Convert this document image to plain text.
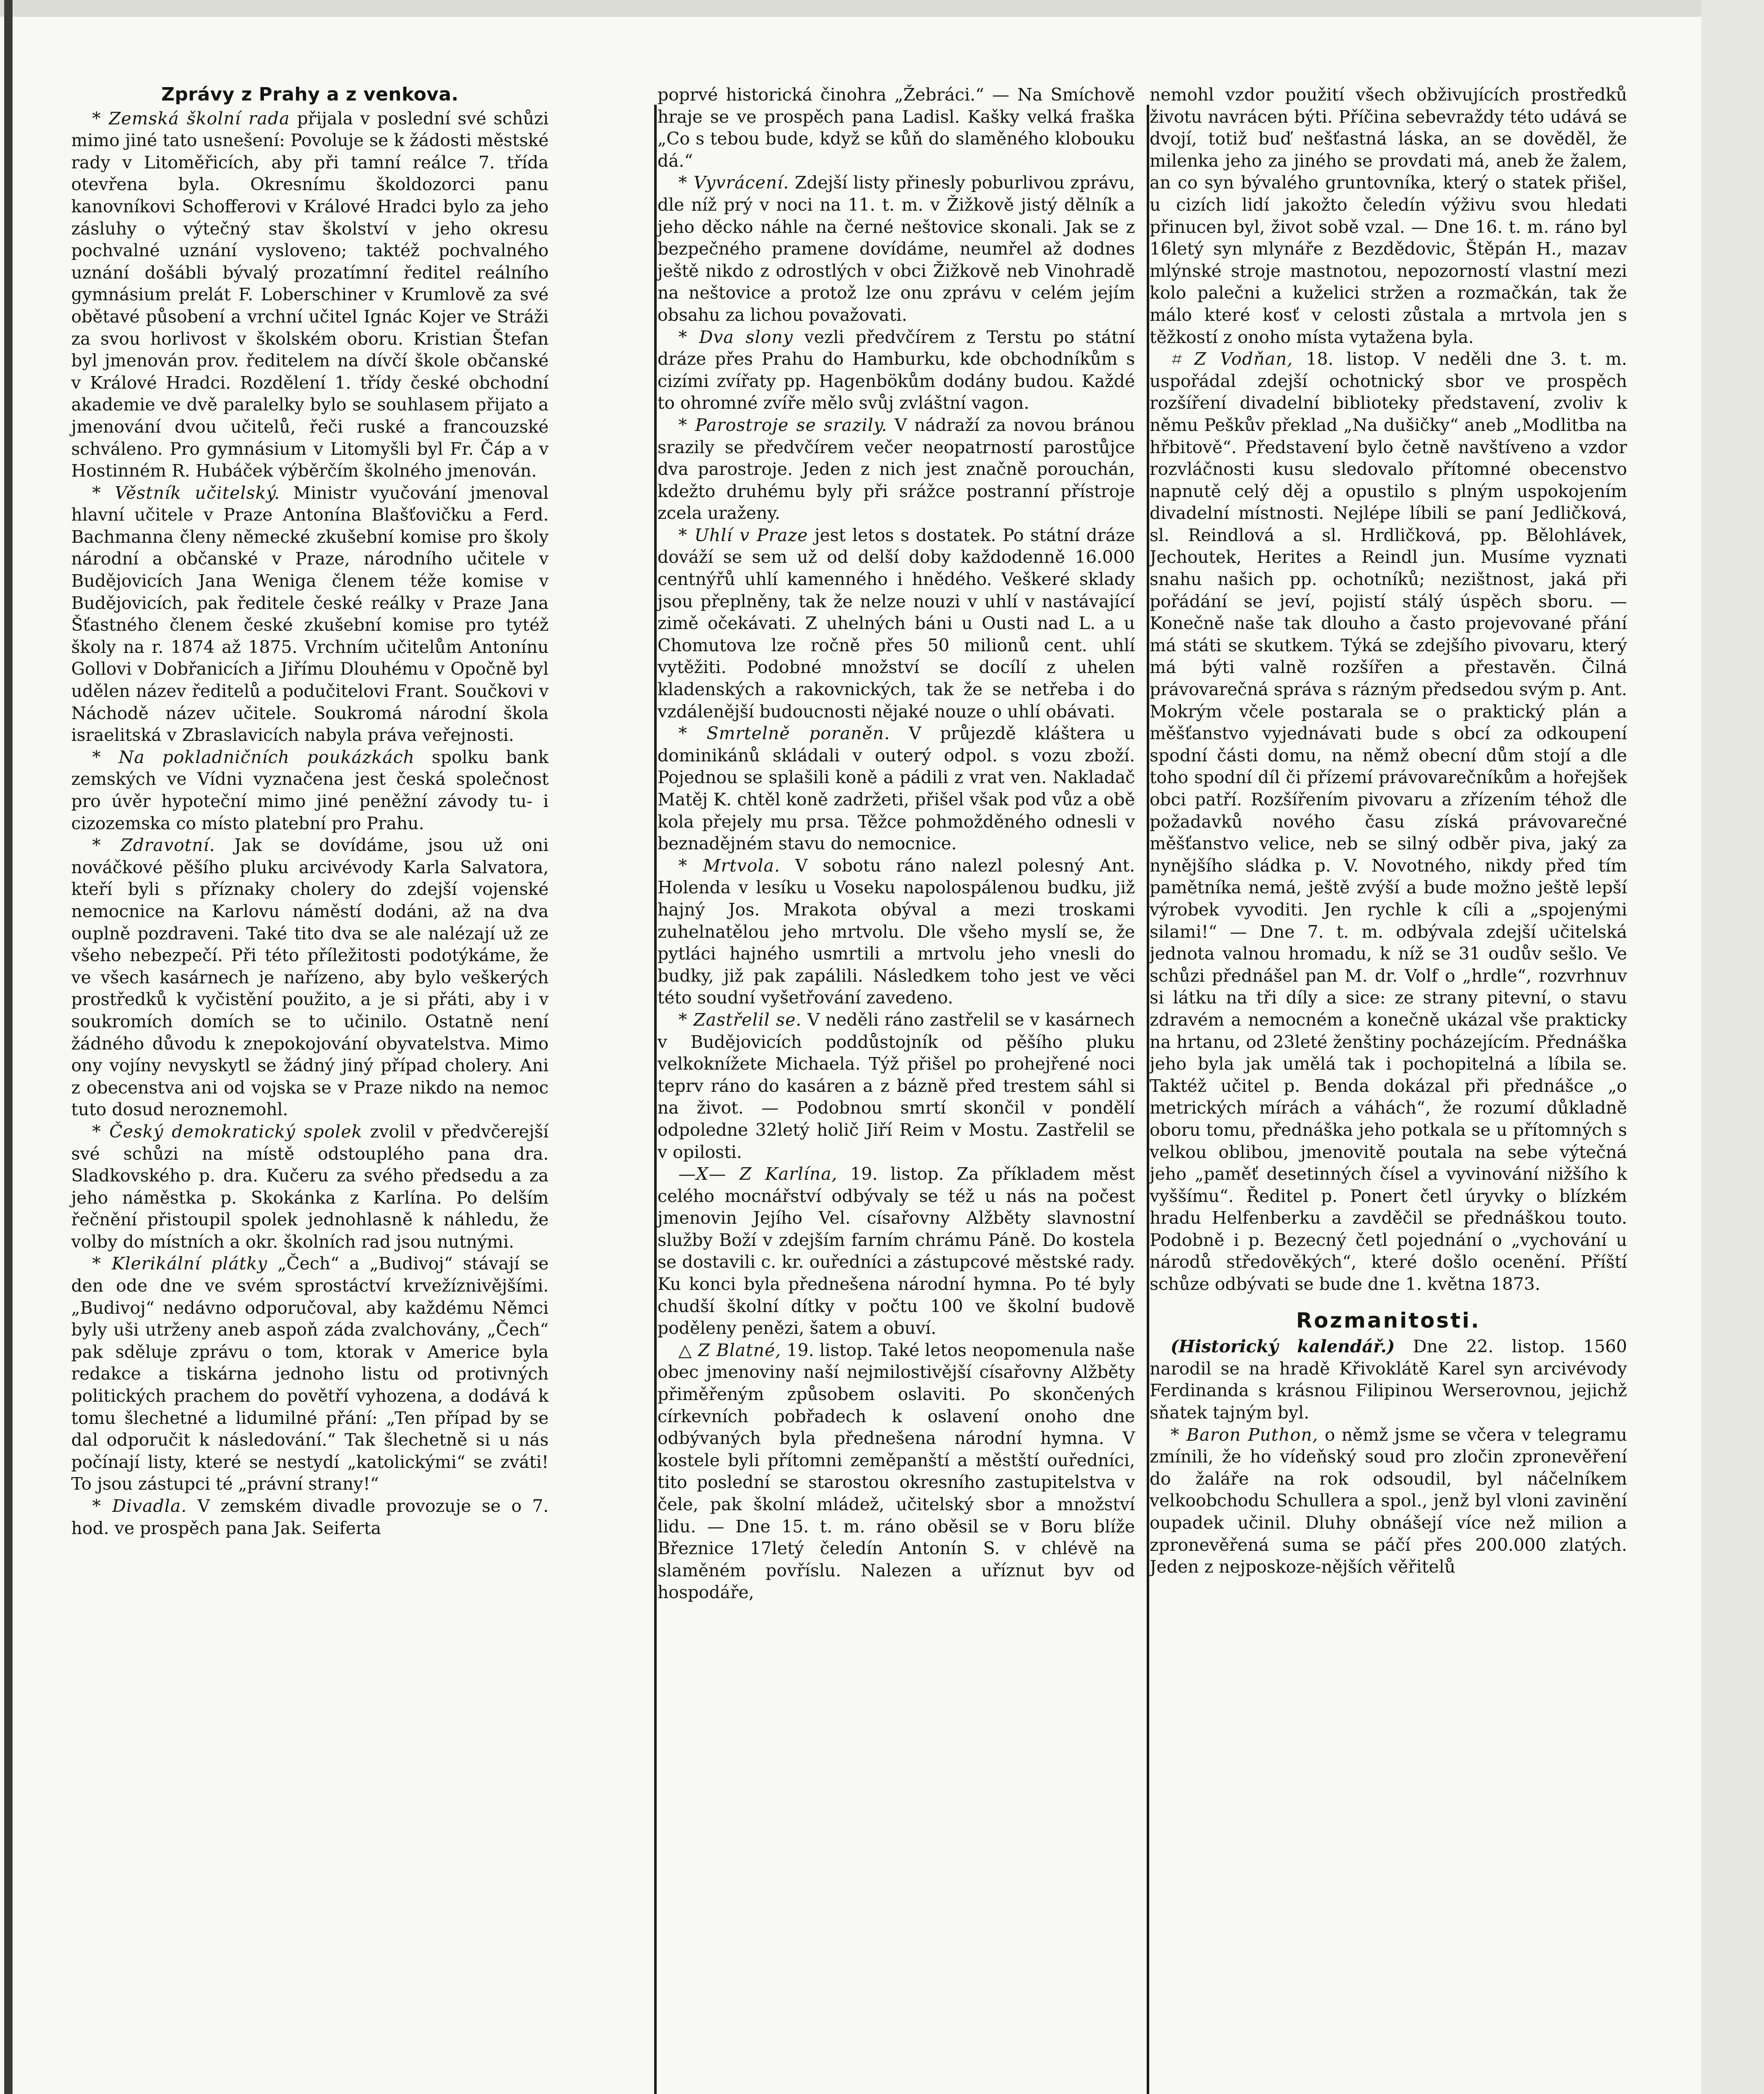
Zprávy z Prahy a z venkova.

* Zemská školní rada přijala v poslední své schůzi mimo jiné tato usnešení: Povoluje se k žádosti městské rady v Litoměřicích, aby při tamní reálce 7. třída otevřena byla. Okresnímu školdozorci panu kanovníkovi Schofferovi v Králové Hradci bylo za jeho zásluhy o výtečný stav školství v jeho okresu pochvalné uznání vysloveno; taktéž pochvalného uznání došábli bývalý prozatímní ředitel reálního gymnásium prelát F. Loberschiner v Krumlově za své obětavé působení a vrchní učitel Ignác Kojer ve Stráži za svou horlivost v školském oboru. Kristian Štefan byl jmenován prov. ředitelem na dívčí škole občanské v Králové Hradci. Rozdělení 1. třídy české obchodní akademie ve dvě paralelky bylo se souhlasem přijato a jmenování dvou učitelů, řeči ruské a francouzské schváleno. Pro gymnásium v Litomyšli byl Fr. Čáp a v Hostinném R. Hubáček výběrčím školného jmenován.

* Věstník učitelský. Ministr vyučování jmenoval hlavní učitele v Praze Antonína Blašťovičku a Ferd. Bachmanna členy německé zkušební komise pro školy národní a občanské v Praze, národního učitele v Budějovicích Jana Weniga členem téže komise v Budějovicích, pak ředitele české reálky v Praze Jana Šťastného členem české zkušební komise pro tytéž školy na r. 1874 až 1875. Vrchním učitelům Antonínu Gollovi v Dobřanicích a Jiřímu Dlouhému v Opočně byl udělen název ředitelů a podučitelovi Frant. Součkovi v Náchodě název učitele. Soukromá národní škola israelitská v Zbraslavicích nabyla práva veřejnosti.

* Na pokladničních poukázkách spolku bank zemských ve Vídni vyznačena jest česká společnost pro úvěr hypoteční mimo jiné peněžní závody tu- i cizozemska co místo platební pro Prahu.

* Zdravotní. Jak se dovídáme, jsou už oni nováčkové pěšího pluku arcivévody Karla Salvatora, kteří byli s příznaky cholery do zdejší vojenské nemocnice na Karlovu náměstí dodáni, až na dva ouplně pozdraveni. Také tito dva se ale nalézají už ze všeho nebezpečí. Při této příležitosti podotýkáme, že ve všech kasárnech je nařízeno, aby bylo veškerých prostředků k vyčistění použito, a je si přáti, aby i v soukromích domích se to učinilo. Ostatně není žádného důvodu k znepokojování obyvatelstva. Mimo ony vojíny nevyskytl se žádný jiný případ cholery. Ani z obecenstva ani od vojska se v Praze nikdo na nemoc tuto dosud neroznemohl.

* Český demokratický spolek zvolil v předvčerejší své schůzi na místě odstouplého pana dra. Sladkovského p. dra. Kučeru za svého předsedu a za jeho náměstka p. Skokánka z Karlína. Po delším řečnění přistoupil spolek jednohlasně k náhledu, že volby do místních a okr. školních rad jsou nutnými.

* Klerikální plátky „Čech“ a „Budivoj“ stávají se den ode dne ve svém sprostáctví krvežíznivějšími. „Budivoj“ nedávno odporučoval, aby každému Němci byly uši utrženy aneb aspoň záda zvalchovány, „Čech“ pak sděluje zprávu o tom, ktorak v Americe byla redakce a tiskárna jednoho listu od protivných politických prachem do povětří vyhozena, a dodává k tomu šlechetné a lidumilné přání: „Ten případ by se dal odporučit k následování.“ Tak šlechetně si u nás počínají listy, které se nestydí „katolickými“ se zváti! To jsou zástupci té „právní strany!“

* Divadla. V zemském divadle provozuje se o 7. hod. ve prospěch pana Jak. Seiferta

poprvé historická činohra „Žebráci.“ — Na Smíchově hraje se ve prospěch pana Ladisl. Kašky velká fraška „Co s tebou bude, když se kůň do slaměného klobouku dá.“

* Vyvrácení. Zdejší listy přinesly poburlivou zprávu, dle níž prý v noci na 11. t. m. v Žižkově jistý dělník a jeho děcko náhle na černé neštovice skonali. Jak se z bezpečného pramene dovídáme, neumřel až dodnes ještě nikdo z odrostlých v obci Žižkově neb Vinohradě na neštovice a protož lze onu zprávu v celém jejím obsahu za lichou považovati.

* Dva slony vezli předvčírem z Terstu po státní dráze přes Prahu do Hamburku, kde obchodníkům s cizími zvířaty pp. Hagenbökům dodány budou. Každé to ohromné zvíře mělo svůj zvláštní vagon.

* Parostroje se srazily. V nádraží za novou bránou srazily se předvčírem večer neopatrností parostůjce dva parostroje. Jeden z nich jest značně porouchán, kdežto druhému byly při srážce postranní přístroje zcela uraženy.

* Uhlí v Praze jest letos s dostatek. Po státní dráze dováží se sem už od delší doby každodenně 16.000 centnýřů uhlí kamenného i hnědého. Veškeré sklady jsou přeplněny, tak že nelze nouzi v uhlí v nastávající zimě očekávati. Z uhelných báni u Ousti nad L. a u Chomutova lze ročně přes 50 milionů cent. uhlí vytěžiti. Podobné množství se docílí z uhelen kladenských a rakovnických, tak že se netřeba i do vzdálenější budoucnosti nějaké nouze o uhlí obávati.

* Smrtelně poraněn. V průjezdě kláštera u dominikánů skládali v outerý odpol. s vozu zboží. Pojednou se splašili koně a pádili z vrat ven. Nakladač Matěj K. chtěl koně zadržeti, přišel však pod vůz a obě kola přejely mu prsa. Těžce pohmožděného odnesli v beznadějném stavu do nemocnice.

* Mrtvola. V sobotu ráno nalezl polesný Ant. Holenda v lesíku u Voseku napolospálenou budku, již hajný Jos. Mrakota obýval a mezi troskami zuhelnatělou jeho mrtvolu. Dle všeho myslí se, že pytláci hajného usmrtili a mrtvolu jeho vnesli do budky, již pak zapálili. Následkem toho jest ve věci této soudní vyšetřování zavedeno.

* Zastřelil se. V neděli ráno zastřelil se v kasárnech v Budějovicích poddůstojník od pěšího pluku velkoknížete Michaela. Týž přišel po prohejřené noci teprv ráno do kasáren a z bázně před trestem sáhl si na život. — Podobnou smrtí skončil v pondělí odpoledne 32letý holič Jiří Reim v Mostu. Zastřelil se v opilosti.

—X— Z Karlína, 19. listop. Za příkladem měst celého mocnářství odbývaly se též u nás na počest jmenovin Jejího Vel. císařovny Alžběty slavnostní služby Boží v zdejším farním chrámu Páně. Do kostela se dostavili c. kr. ouředníci a zástupcové městské rady. Ku konci byla přednešena národní hymna. Po té byly chudší školní dítky v počtu 100 ve školní budově poděleny penězi, šatem a obuví.

△ Z Blatné, 19. listop. Také letos neopomenula naše obec jmenoviny naší nejmilostivější císařovny Alžběty přiměřeným způsobem oslaviti. Po skončených církevních pobřadech k oslavení onoho dne odbývaných byla přednešena národní hymna. V kostele byli přítomni zeměpanští a městští ouředníci, tito poslední se starostou okresního zastupitelstva v čele, pak školní mládež, učitelský sbor a množství lidu. — Dne 15. t. m. ráno oběsil se v Boru blíže Březnice 17letý čeledín Antonín S. v chlévě na slaměném povříslu. Nalezen a uříznut byv od hospodáře,

nemohl vzdor použití všech obživujících prostředků životu navrácen býti. Příčina sebevraždy této udává se dvojí, totiž buď nešťastná láska, an se dověděl, že milenka jeho za jiného se provdati má, aneb že žalem, an co syn bývalého gruntovníka, který o statek přišel, u cizích lidí jakožto čeledín výživu svou hledati přinucen byl, život sobě vzal. — Dne 16. t. m. ráno byl 16letý syn mlynáře z Bezdědovic, Štěpán H., mazav mlýnské stroje mastnotou, nepozorností vlastní mezi kolo palečni a kuželici stržen a rozmačkán, tak že málo které kosť v celosti zůstala a mrtvola jen s těžkostí z onoho místa vytažena byla.

⌗ Z Vodňan, 18. listop. V neděli dne 3. t. m. uspořádal zdejší ochotnický sbor ve prospěch rozšíření divadelní biblioteky představení, zvoliv k němu Peškův překlad „Na dušičky“ aneb „Modlitba na hřbitově“. Představení bylo četně navštíveno a vzdor rozvláčnosti kusu sledovalo přítomné obecenstvo napnutě celý děj a opustilo s plným uspokojením divadelní místnosti. Nejlépe líbili se paní Jedličková, sl. Reindlová a sl. Hrdličková, pp. Bělohlávek, Jechoutek, Herites a Reindl jun. Musíme vyznati snahu našich pp. ochotníků; nezištnost, jaká při pořádání se jeví, pojistí stálý úspěch sboru. — Konečně naše tak dlouho a často projevované přání má státi se skutkem. Týká se zdejšího pivovaru, který má býti valně rozšířen a přestavěn. Čilná právovarečná správa s rázným předsedou svým p. Ant. Mokrým včele postarala se o praktický plán a měšťanstvo vyjednávati bude s obcí za odkoupení spodní části domu, na němž obecní dům stojí a dle toho spodní díl či přízemí právovarečníkům a hořejšek obci patří. Rozšířením pivovaru a zřízením téhož dle požadavků nového času získá právovarečné měšťanstvo velice, neb se silný odběr piva, jaký za nynějšího sládka p. V. Novotného, nikdy před tím pamětníka nemá, ještě zvýší a bude možno ještě lepší výrobek vyvoditi. Jen rychle k cíli a „spojenými silami!“ — Dne 7. t. m. odbývala zdejší učitelská jednota valnou hromadu, k níž se 31 oudův sešlo. Ve schůzi přednášel pan M. dr. Volf o „hrdle“, rozvrhnuv si látku na tři díly a sice: ze strany pitevní, o stavu zdravém a nemocném a konečně ukázal vše prakticky na hrtanu, od 23leté ženštiny pocházejícím. Přednáška jeho byla jak umělá tak i pochopitelná a líbila se. Taktéž učitel p. Benda dokázal při přednášce „o metrických mírách a váhách“, že rozumí důkladně oboru tomu, přednáška jeho potkala se u přítomných s velkou oblibou, jmenovitě poutala na sebe výtečná jeho „paměť desetinných čísel a vyvinování nižšího k vyššímu“. Ředitel p. Ponert četl úryvky o blízkém hradu Helfenberku a zavděčil se přednáškou touto. Podobně i p. Bezecný četl pojednání o „vychování u národů středověkých“, které došlo ocenění. Příští schůze odbývati se bude dne 1. května 1873.

Rozmanitosti.

(Historický kalendář.) Dne 22. listop. 1560 narodil se na hradě Křivoklátě Karel syn arcivévody Ferdinanda s krásnou Filipinou Werserovnou, jejichž sňatek tajným byl.

* Baron Puthon, o němž jsme se včera v telegramu zmínili, že ho vídeňský soud pro zločin zpronevěření do žaláře na rok odsoudil, byl náčelníkem velkoobchodu Schullera a spol., jenž byl vloni zavinění oupadek učinil. Dluhy obnášejí více než milion a zpronevěřená suma se páčí přes 200.000 zlatých. Jeden z nejposkoze-nějších věřitelů
